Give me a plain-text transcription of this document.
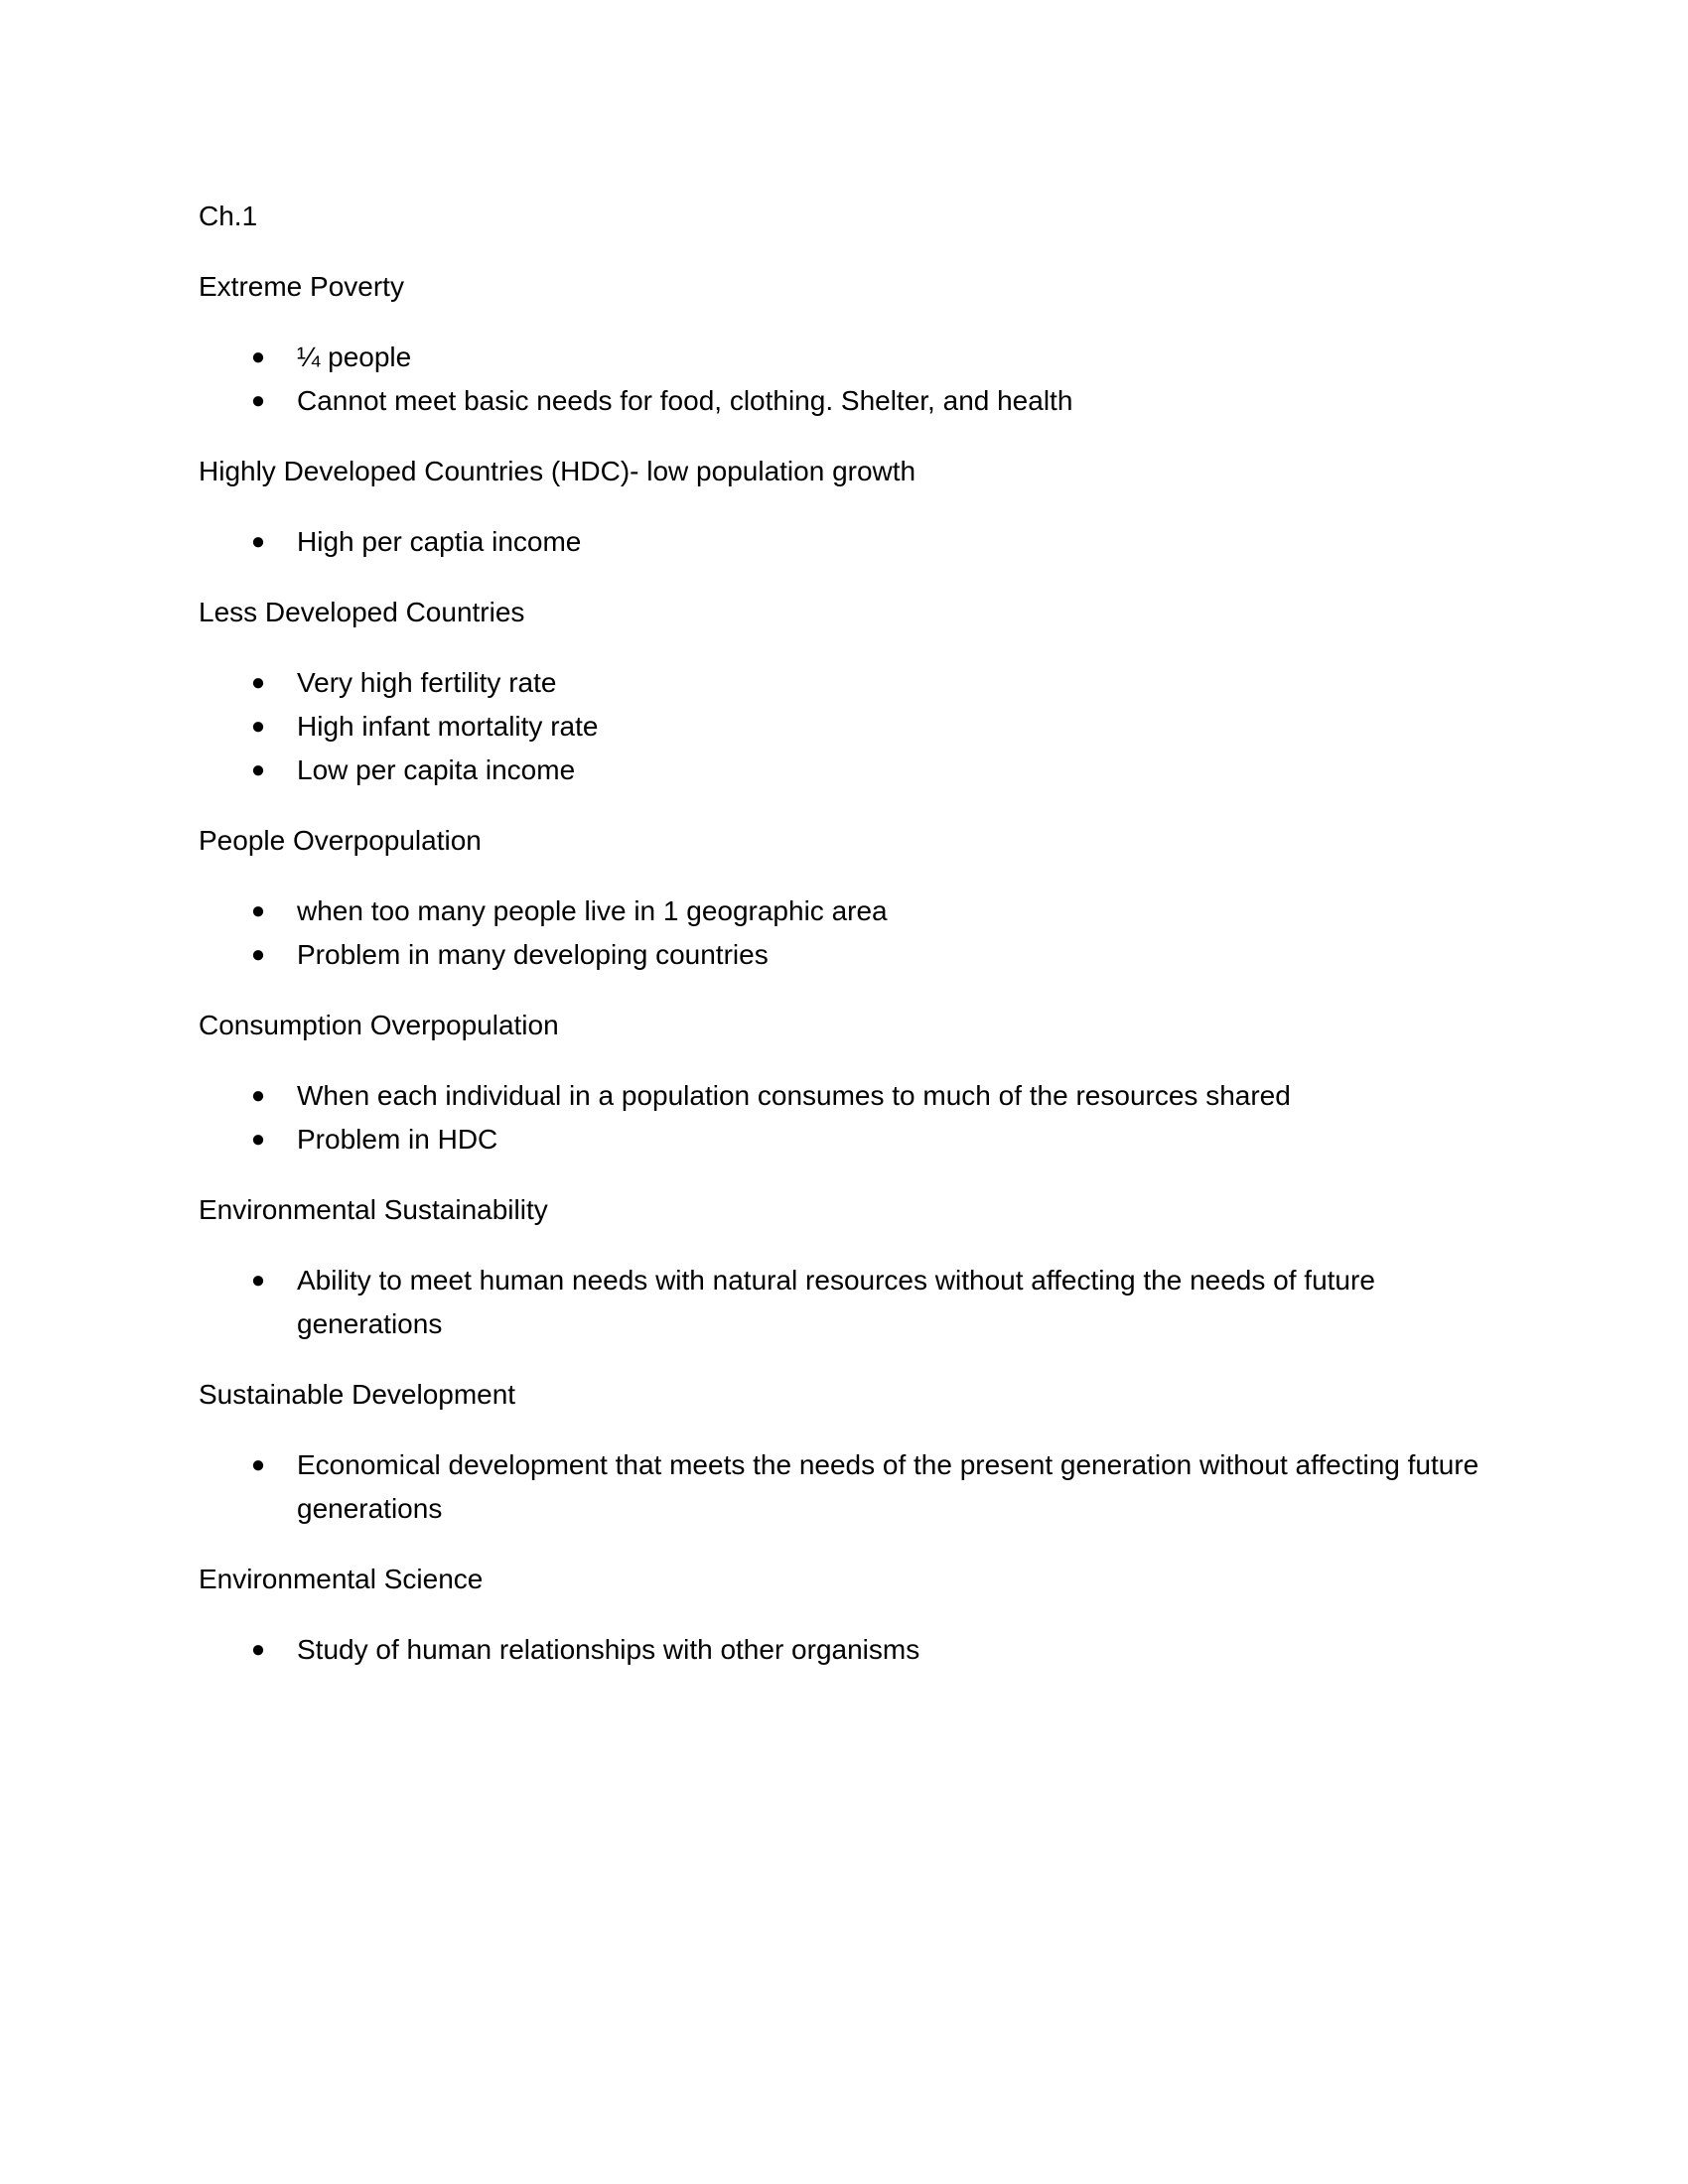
Ch.1
Extreme Poverty
● ¼ people
● Cannot meet basic needs for food, clothing. Shelter, and health
Highly Developed Countries (HDC)- low population growth
● High per captia income
Less Developed Countries
● Very high fertility rate
● High infant mortality rate
● Low per capita income
People Overpopulation
● when too many people live in 1 geographic area
● Problem in many developing countries
Consumption Overpopulation
● When each individual in a population consumes to much of the resources shared
● Problem in HDC
Environmental Sustainability
● Ability to meet human needs with natural resources without affecting the needs of future generations
Sustainable Development
● Economical development that meets the needs of the present generation without affecting future generations
Environmental Science
● Study of human relationships with other organisms
